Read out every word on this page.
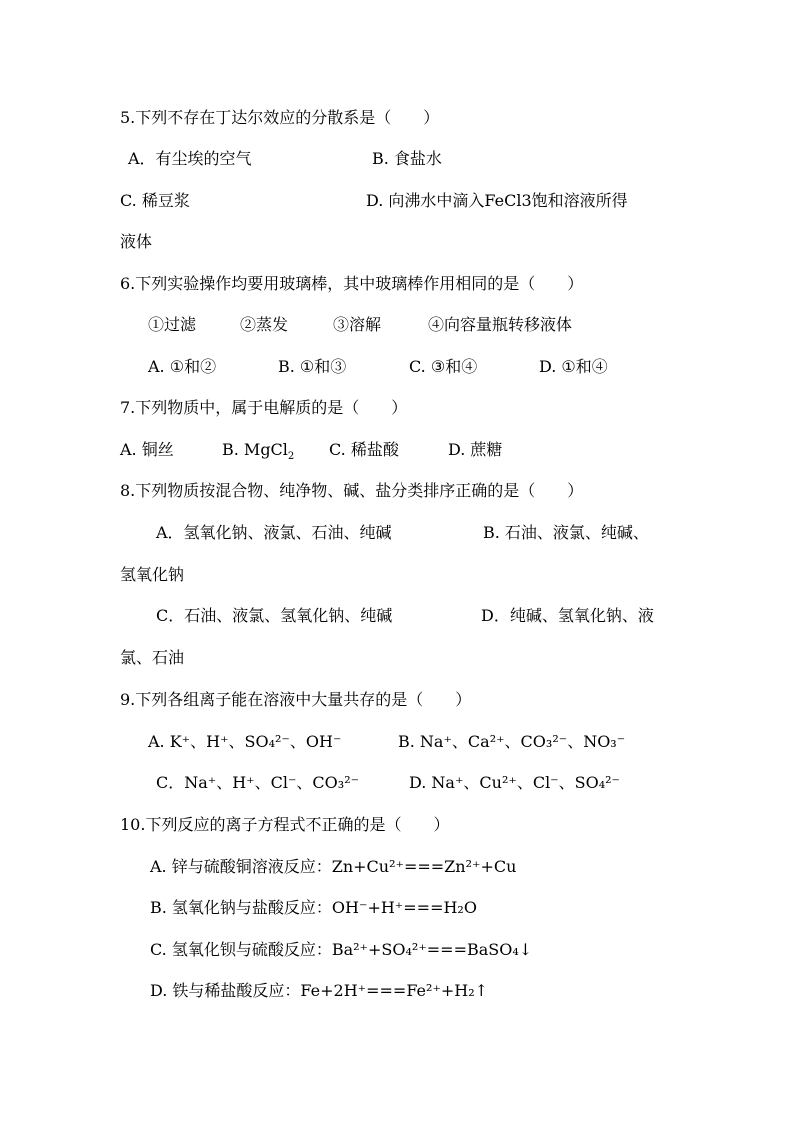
5.下列不存在丁达尔效应的分散系是（　　）
A．有尘埃的空气	B. 食盐水
C. 稀豆浆	D. 向沸水中滴入FeCl3饱和溶液所得
液体
6.下列实验操作均要用玻璃棒，其中玻璃棒作用相同的是（　　）
①过滤	②蒸发	③溶解	④向容量瓶转移液体
A. ①和②	B. ①和③	C. ③和④	D. ①和④
7.下列物质中，属于电解质的是（　　）
A. 铜丝	B. MgCl$_2$ C. 稀盐酸	D. 蔗糖
8.下列物质按混合物、纯净物、碱、盐分类排序正确的是（　　）
A．氢氧化钠、液氯、石油、纯碱	B. 石油、液氯、纯碱、
氢氧化钠
C．石油、液氯、氢氧化钠、纯碱	D．纯碱、氢氧化钠、液
氯、石油
9.下列各组离子能在溶液中大量共存的是（　　）
A. K⁺、H⁺、SO₄²⁻、OH⁻	B. Na⁺、Ca²⁺、CO₃²⁻、NO₃⁻
C．Na⁺、H⁺、Cl⁻、CO₃²⁻	D. Na⁺、Cu²⁺、Cl⁻、SO₄²⁻
10.下列反应的离子方程式不正确的是（　　）
A. 锌与硫酸铜溶液反应：Zn+Cu²⁺===Zn²⁺+Cu
B. 氢氧化钠与盐酸反应：OH⁻+H⁺===H₂O
C. 氢氧化钡与硫酸反应：Ba²⁺+SO₄²⁺===BaSO₄↓
D. 铁与稀盐酸反应：Fe+2H⁺===Fe²⁺+H₂↑
